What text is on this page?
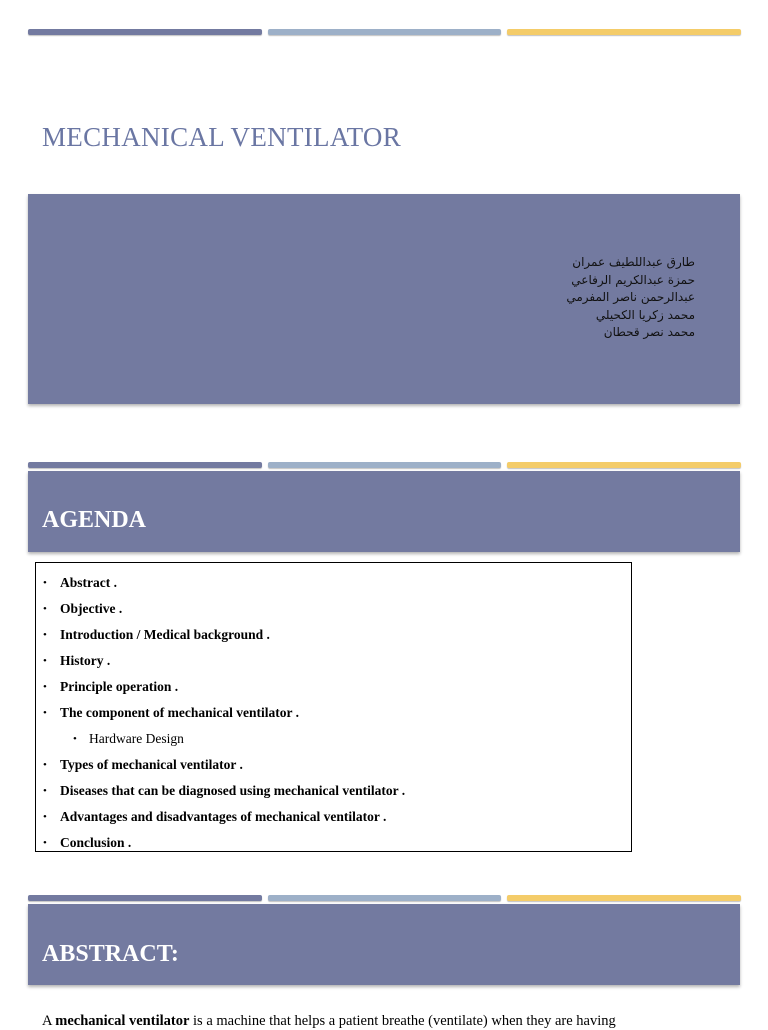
MECHANICAL VENTILATOR
طارق عبداللطيف عمران
حمزة عبدالكريم الرفاعي
عبدالرحمن ناصر المفرمي
محمد زكريا الكحيلي
محمد نصر قحطان
AGENDA
• Abstract .
• Objective .
• Introduction / Medical background .
• History .
• Principle operation .
• The component of mechanical ventilator .
• Hardware Design
• Types of mechanical ventilator .
• Diseases that can be diagnosed using mechanical ventilator .
• Advantages and disadvantages of mechanical ventilator .
• Conclusion .
ABSTRACT:
A mechanical ventilator is a machine that helps a patient breathe (ventilate) when they are having
